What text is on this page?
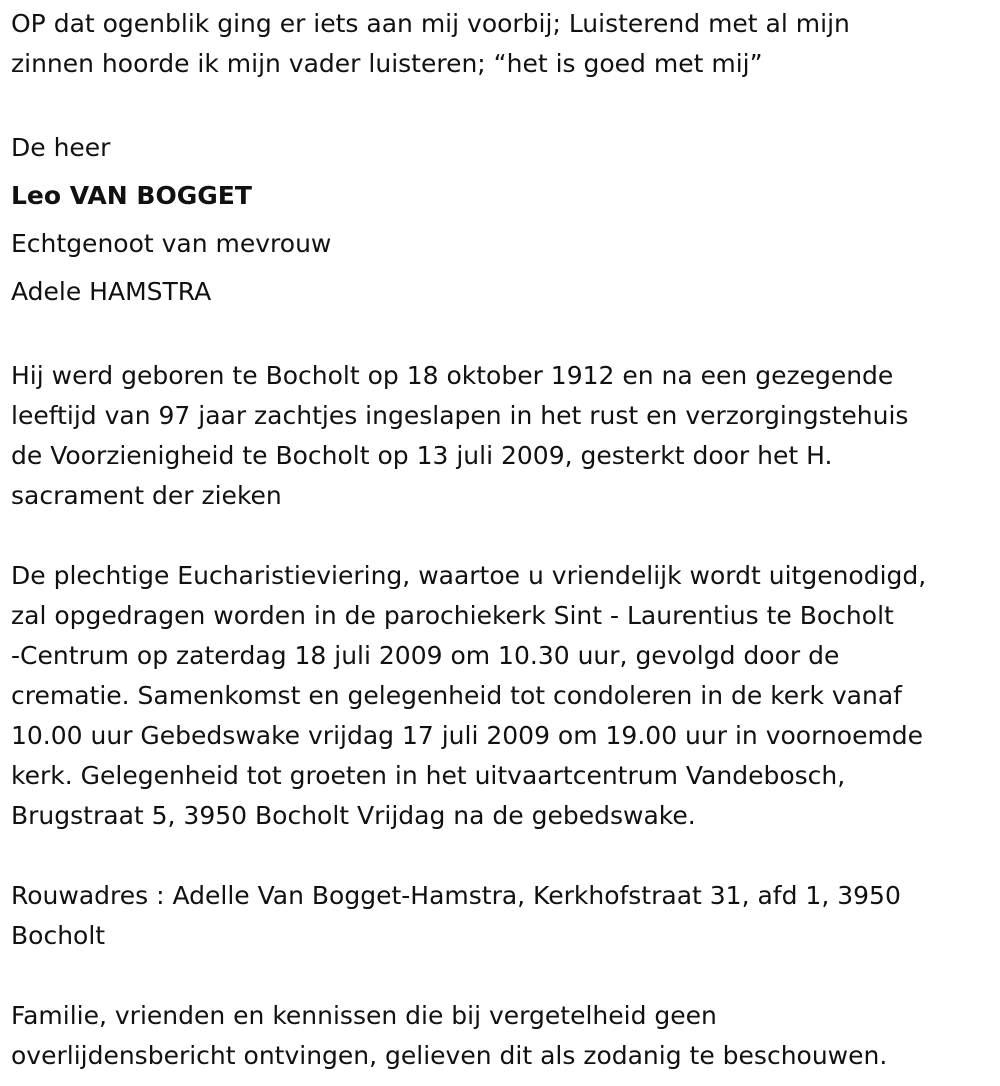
OP dat ogenblik ging er iets aan mij voorbij; Luisterend met al mijn
zinnen hoorde ik mijn vader luisteren; “het is goed met mij”

De heer
Leo VAN BOGGET
Echtgenoot van mevrouw
Adele HAMSTRA

Hij werd geboren te Bocholt op 18 oktober 1912 en na een gezegende
leeftijd van 97 jaar zachtjes ingeslapen in het rust en verzorgingstehuis
de Voorzienigheid te Bocholt op 13 juli 2009, gesterkt door het H.
sacrament der zieken

De plechtige Eucharistieviering, waartoe u vriendelijk wordt uitgenodigd,
zal opgedragen worden in de parochiekerk Sint - Laurentius te Bocholt
-Centrum op zaterdag 18 juli 2009 om 10.30 uur, gevolgd door de
crematie. Samenkomst en gelegenheid tot condoleren in de kerk vanaf
10.00 uur Gebedswake vrijdag 17 juli 2009 om 19.00 uur in voornoemde
kerk. Gelegenheid tot groeten in het uitvaartcentrum Vandebosch,
Brugstraat 5, 3950 Bocholt Vrijdag na de gebedswake.

Rouwadres : Adelle Van Bogget-Hamstra, Kerkhofstraat 31, afd 1, 3950
Bocholt

Familie, vrienden en kennissen die bij vergetelheid geen
overlijdensbericht ontvingen, gelieven dit als zodanig te beschouwen.
